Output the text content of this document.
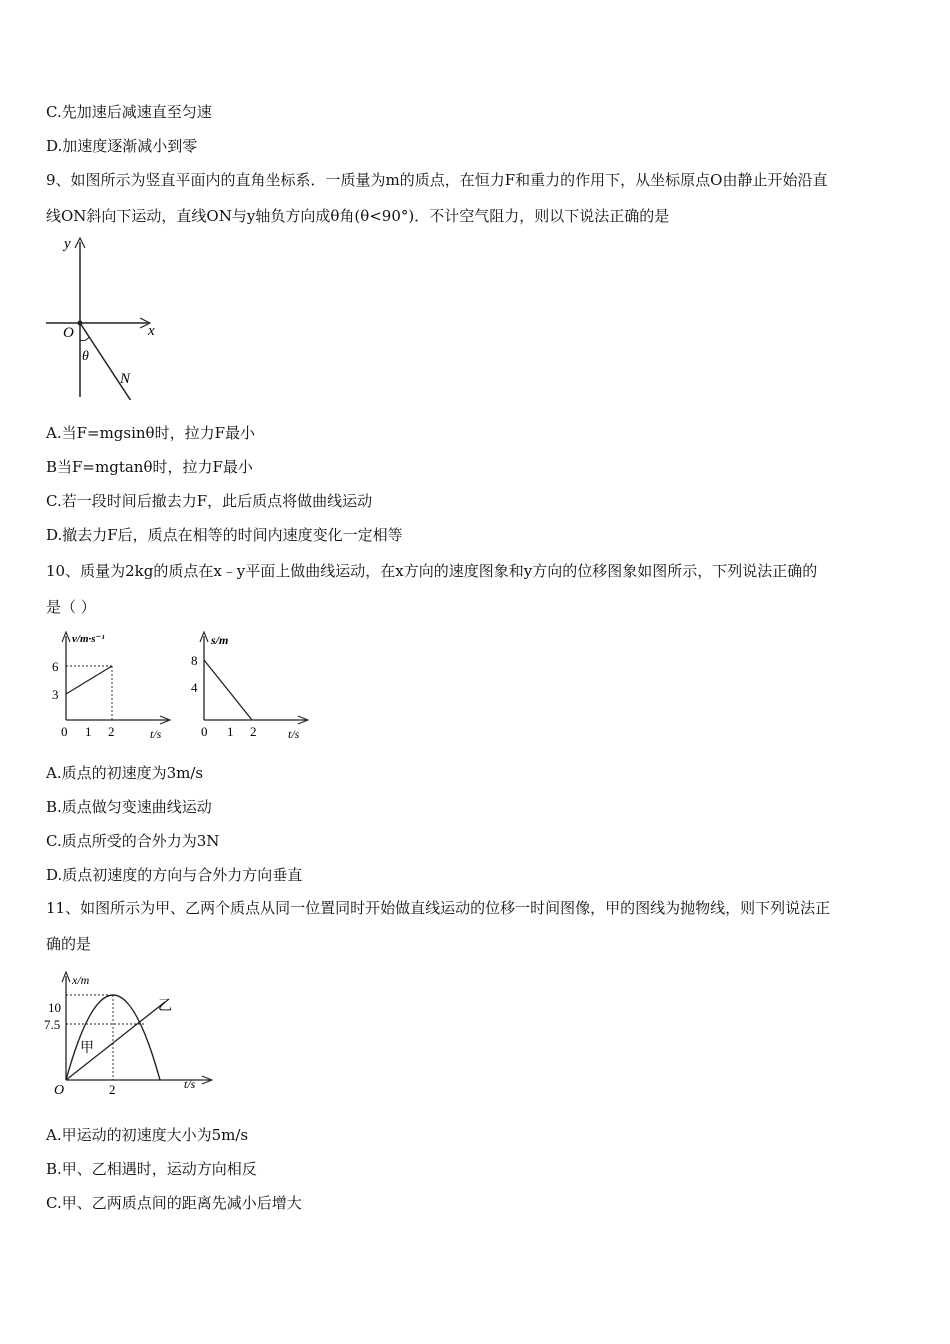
C.先加速后减速直至匀速
D.加速度逐渐减小到零
9、如图所示为竖直平面内的直角坐标系．一质量为m的质点，在恒力F和重力的作用下，从坐标原点O由静止开始沿直
线ON斜向下运动，直线ON与y轴负方向成θ角(θ<90°)．不计空气阻力，则以下说法正确的是
y
x
O
θ
N
A.当F=mgsinθ时，拉力F最小
B当F=mgtanθ时，拉力F最小
C.若一段时间后撤去力F，此后质点将做曲线运动
D.撤去力F后，质点在相等的时间内速度变化一定相等
10、质量为2kg的质点在x﹣y平面上做曲线运动，在x方向的速度图象和y方向的位移图象如图所示，下列说法正确的
是（ ）
v/m·s⁻¹
6
3
0 1 2	t/s
s/m
8
4
0 1 2	t/s
A.质点的初速度为3m/s
B.质点做匀变速曲线运动
C.质点所受的合外力为3N
D.质点初速度的方向与合外力方向垂直
11、如图所示为甲、乙两个质点从同一位置同时开始做直线运动的位移一时间图像，甲的图线为抛物线，则下列说法正
确的是
x/m
10
7.5
O	2	t/s
甲
乙
A.甲运动的初速度大小为5m/s
B.甲、乙相遇时，运动方向相反
C.甲、乙两质点间的距离先减小后增大
